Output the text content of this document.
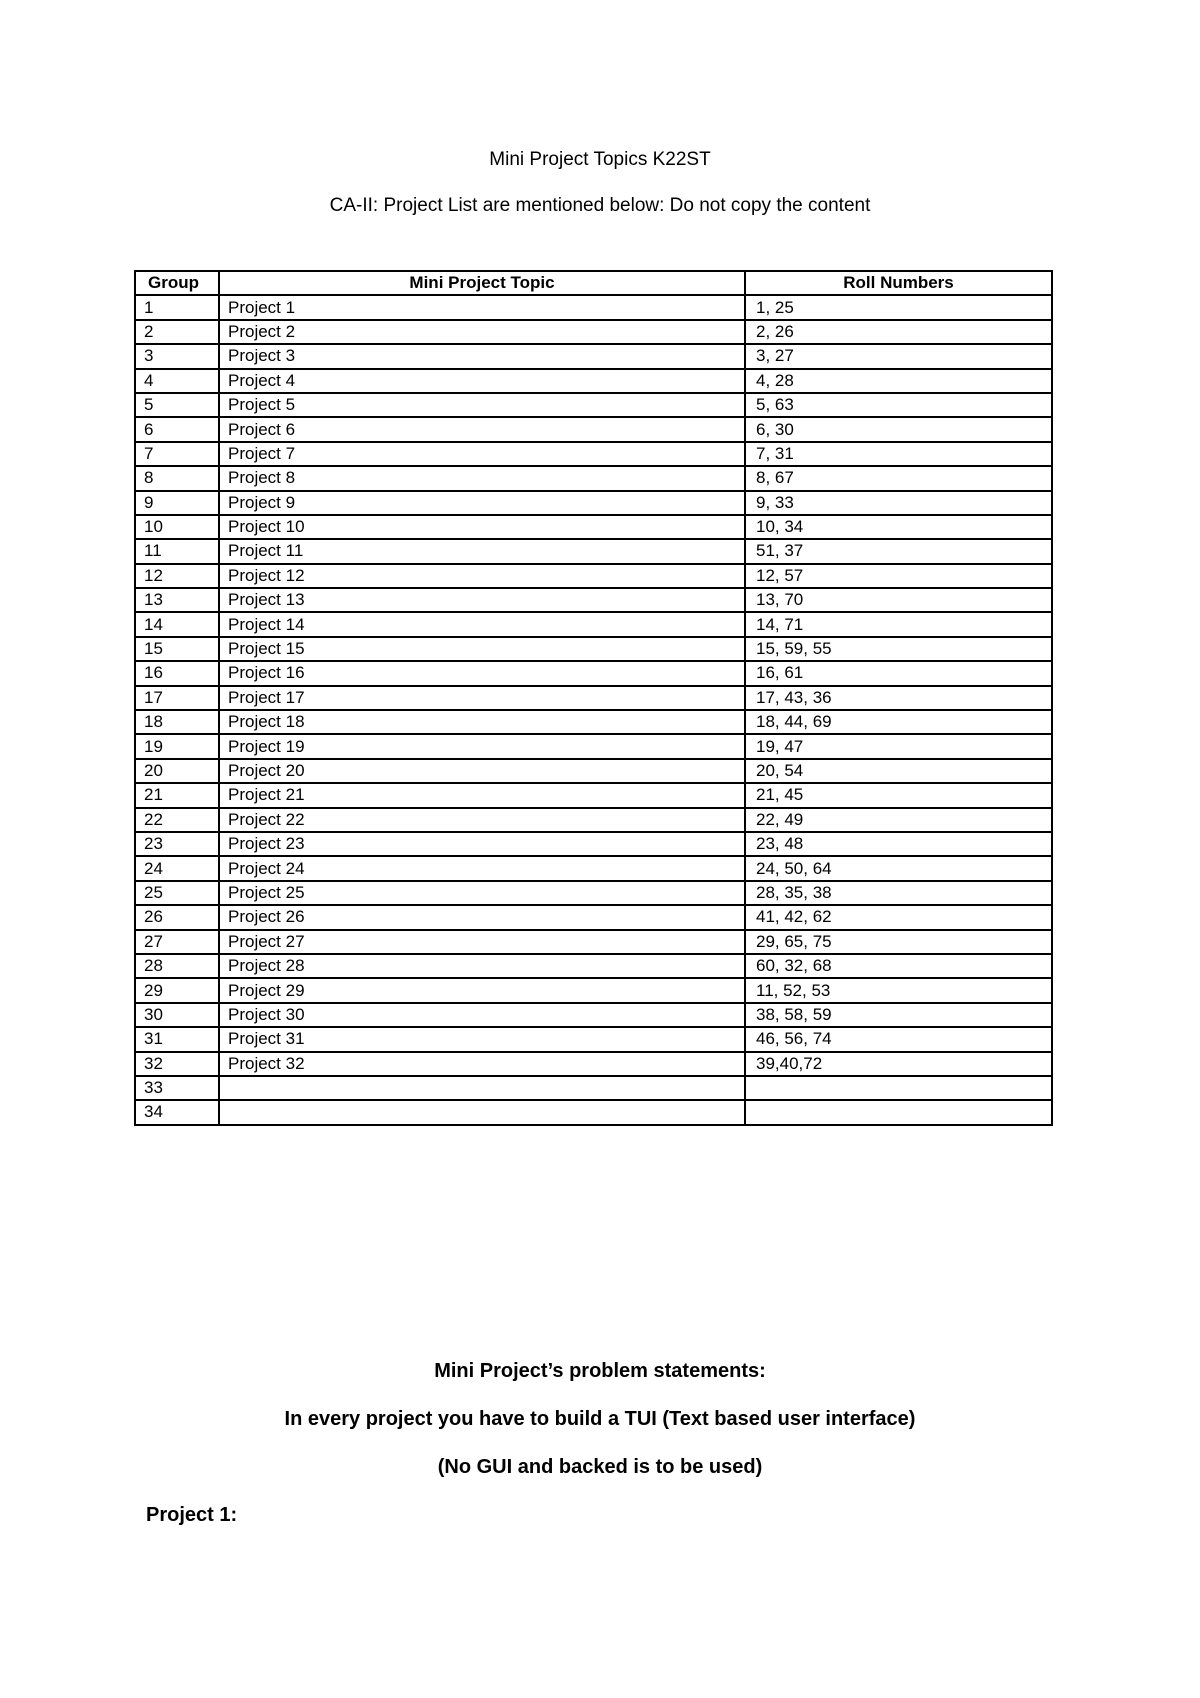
Mini Project Topics K22ST
CA-II: Project List are mentioned below: Do not copy the content
Group	Mini Project Topic	Roll Numbers
1	Project 1	1, 25
2	Project 2	2, 26
3	Project 3	3, 27
4	Project 4	4, 28
5	Project 5	5, 63
6	Project 6	6, 30
7	Project 7	7, 31
8	Project 8	8, 67
9	Project 9	9, 33
10	Project 10	10, 34
11	Project 11	51, 37
12	Project 12	12, 57
13	Project 13	13, 70
14	Project 14	14, 71
15	Project 15	15, 59, 55
16	Project 16	16, 61
17	Project 17	17, 43, 36
18	Project 18	18, 44, 69
19	Project 19	19, 47
20	Project 20	20, 54
21	Project 21	21, 45
22	Project 22	22, 49
23	Project 23	23, 48
24	Project 24	24, 50, 64
25	Project 25	28, 35, 38
26	Project 26	41, 42, 62
27	Project 27	29, 65, 75
28	Project 28	60, 32, 68
29	Project 29	11, 52, 53
30	Project 30	38, 58, 59
31	Project 31	46, 56, 74
32	Project 32	39,40,72
33		
34		
Mini Project’s problem statements:
In every project you have to build a TUI (Text based user interface)
(No GUI and backed is to be used)
Project 1:
